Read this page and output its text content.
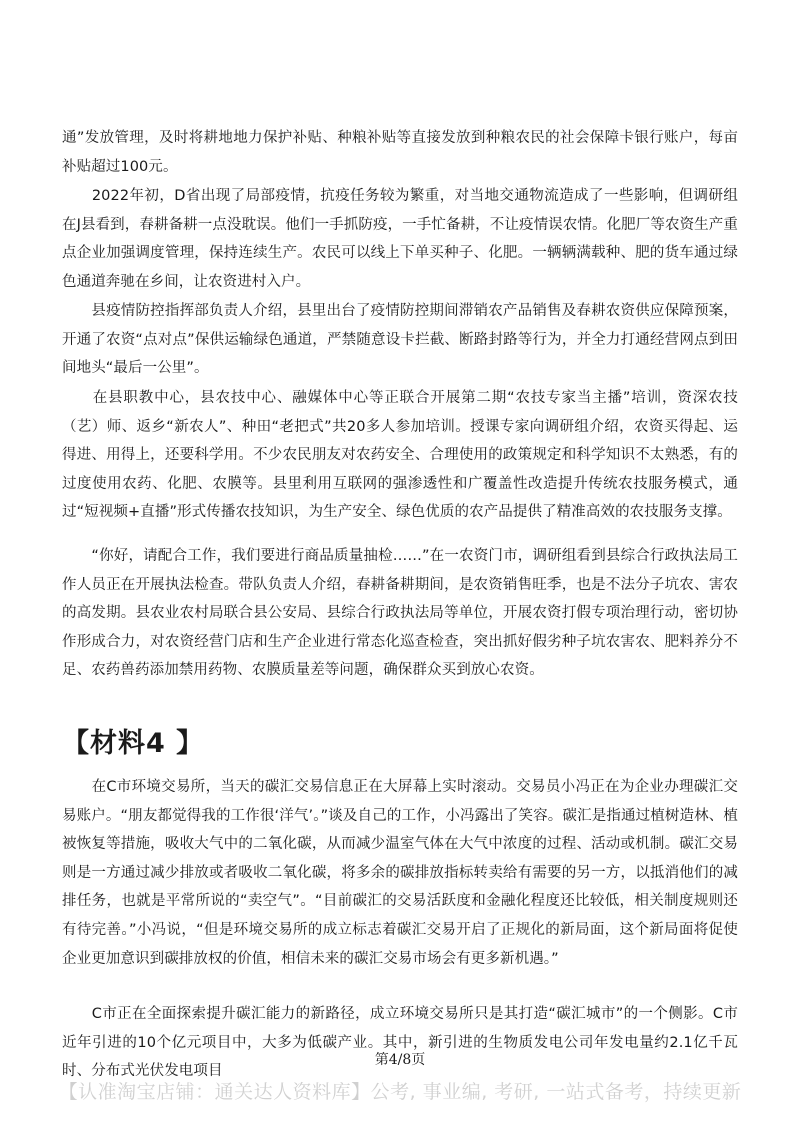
通”发放管理，及时将耕地地力保护补贴、种粮补贴等直接发放到种粮农民的社会保障卡银行账户，每亩补贴超过100元。

　　2022年初，D省出现了局部疫情，抗疫任务较为繁重，对当地交通物流造成了一些影响，但调研组在J县看到，春耕备耕一点没耽误。他们一手抓防疫，一手忙备耕，不让疫情误农情。化肥厂等农资生产重点企业加强调度管理，保持连续生产。农民可以线上下单买种子、化肥。一辆辆满载种、肥的货车通过绿色通道奔驰在乡间，让农资进村入户。

　　县疫情防控指挥部负责人介绍，县里出台了疫情防控期间滞销农产品销售及春耕农资供应保障预案，开通了农资“点对点”保供运输绿色通道，严禁随意设卡拦截、断路封路等行为，并全力打通经营网点到田间地头“最后一公里”。

　　在县职教中心，县农技中心、融媒体中心等正联合开展第二期“农技专家当主播”培训，资深农技（艺）师、返乡“新农人”、种田“老把式”共20多人参加培训。授课专家向调研组介绍，农资买得起、运得进、用得上，还要科学用。不少农民朋友对农药安全、合理使用的政策规定和科学知识不太熟悉，有的过度使用农药、化肥、农膜等。县里利用互联网的强渗透性和广覆盖性改造提升传统农技服务模式，通过“短视频+直播”形式传播农技知识，为生产安全、绿色优质的农产品提供了精准高效的农技服务支撑。

　　“你好，请配合工作，我们要进行商品质量抽检……”在一农资门市，调研组看到县综合行政执法局工作人员正在开展执法检查。带队负责人介绍，春耕备耕期间，是农资销售旺季，也是不法分子坑农、害农的高发期。县农业农村局联合县公安局、县综合行政执法局等单位，开展农资打假专项治理行动，密切协作形成合力，对农资经营门店和生产企业进行常态化巡查检查，突出抓好假劣种子坑农害农、肥料养分不足、农药兽药添加禁用药物、农膜质量差等问题，确保群众买到放心农资。

【材料4 】

　　在C市环境交易所，当天的碳汇交易信息正在大屏幕上实时滚动。交易员小冯正在为企业办理碳汇交易账户。“朋友都觉得我的工作很‘洋气’。”谈及自己的工作，小冯露出了笑容。碳汇是指通过植树造林、植被恢复等措施，吸收大气中的二氧化碳，从而减少温室气体在大气中浓度的过程、活动或机制。碳汇交易则是一方通过减少排放或者吸收二氧化碳，将多余的碳排放指标转卖给有需要的另一方，以抵消他们的减排任务，也就是平常所说的“卖空气”。“目前碳汇的交易活跃度和金融化程度还比较低，相关制度规则还有待完善。”小冯说，“但是环境交易所的成立标志着碳汇交易开启了正规化的新局面，这个新局面将促使企业更加意识到碳排放权的价值，相信未来的碳汇交易市场会有更多新机遇。”

　　C市正在全面探索提升碳汇能力的新路径，成立环境交易所只是其打造“碳汇城市”的一个侧影。C市近年引进的10个亿元项目中，大多为低碳产业。其中，新引进的生物质发电公司年发电量约2.1亿千瓦时、分布式光伏发电项目

第4/8页
【认准淘宝店铺：通关达人资料库】公考, 事业编, 考研, 一站式备考，持续更新
